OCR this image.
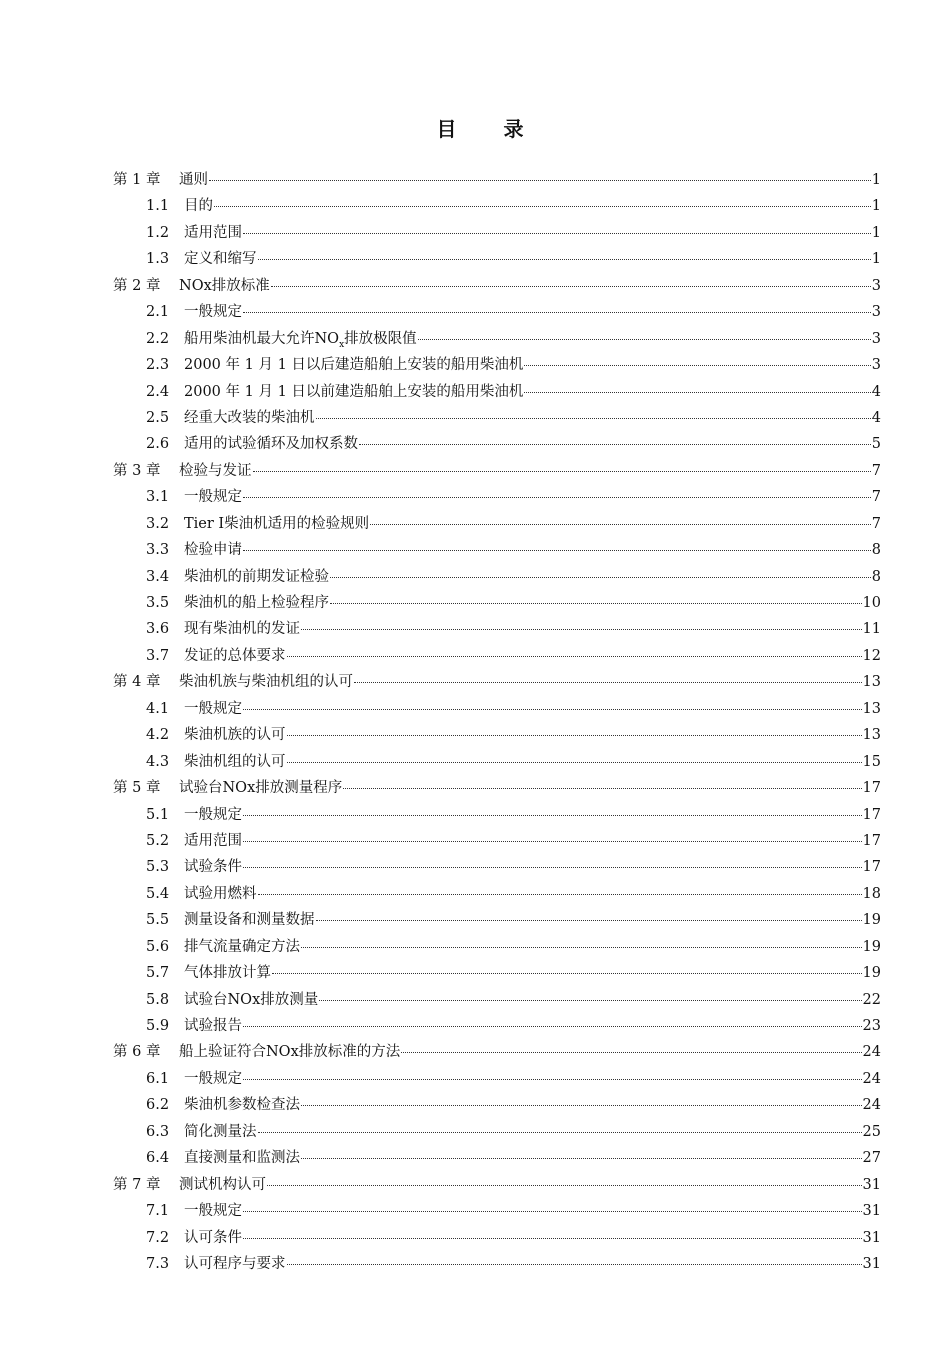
目 录
第 1 章	通则	1
1.1	目的	1
1.2	适用范围	1
1.3	定义和缩写	1
第 2 章	NOx排放标准	3
2.1	一般规定	3
2.2	船用柴油机最大允许$NO_x$排放极限值	3
2.3	2000 年 1 月 1 日以后建造船舶上安装的船用柴油机	3
2.4	2000 年 1 月 1 日以前建造船舶上安装的船用柴油机	4
2.5	经重大改装的柴油机	4
2.6	适用的试验循环及加权系数	5
第 3 章	检验与发证	7
3.1	一般规定	7
3.2	Tier I柴油机适用的检验规则	7
3.3	检验申请	8
3.4	柴油机的前期发证检验	8
3.5	柴油机的船上检验程序	10
3.6	现有柴油机的发证	11
3.7	发证的总体要求	12
第 4 章	柴油机族与柴油机组的认可	13
4.1	一般规定	13
4.2	柴油机族的认可	13
4.3	柴油机组的认可	15
第 5 章	试验台NOx排放测量程序	17
5.1	一般规定	17
5.2	适用范围	17
5.3	试验条件	17
5.4	试验用燃料	18
5.5	测量设备和测量数据	19
5.6	排气流量确定方法	19
5.7	气体排放计算	19
5.8	试验台NOx排放测量	22
5.9	试验报告	23
第 6 章	船上验证符合NOx排放标准的方法	24
6.1	一般规定	24
6.2	柴油机参数检查法	24
6.3	简化测量法	25
6.4	直接测量和监测法	27
第 7 章	测试机构认可	31
7.1	一般规定	31
7.2	认可条件	31
7.3	认可程序与要求	31
